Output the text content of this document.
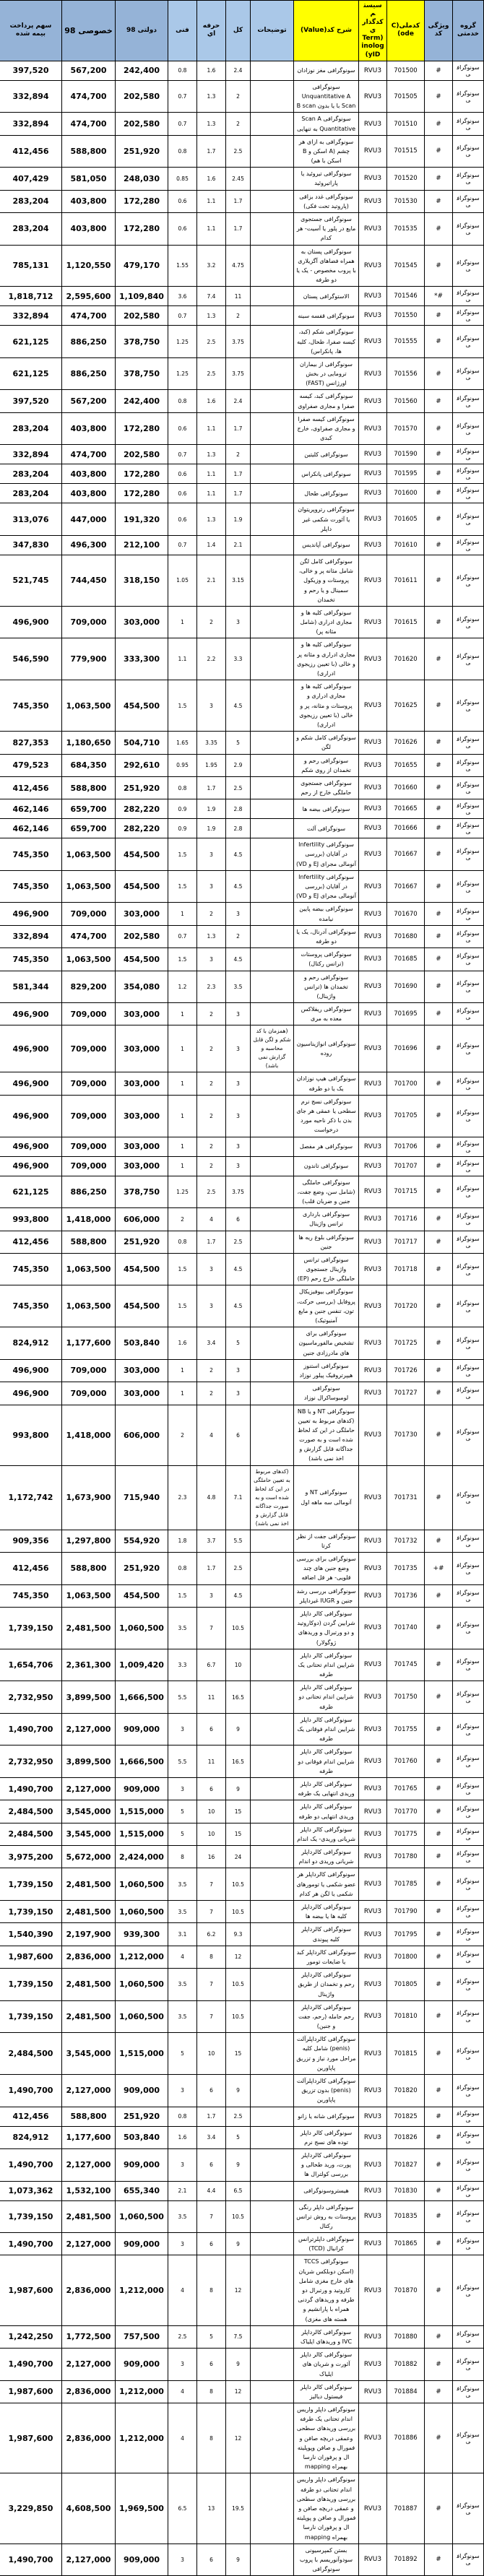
گروه خدمتی	ویژگی کد	کدملی(Code)	سیستم کدگذاري (TerminologyID)	شرح کد(Value)	توضیحات	کل	حرفه اي	فنی	دولتی 98	خصوصی 98	سهم پرداخت بیمه شده
سونوگرافی	#	701500	RVU3	سونوگرافی مغز نوزادان		2.4	1.6	0.8	242,400	567,200	397,520
سونوگرافی	#	701505	RVU3	سونوگرافی Unquantitative A Scan با یا بدون B scan		2	1.3	0.7	202,580	474,700	332,894
سونوگرافی	#	701510	RVU3	سونوگرافی Scan A Quantitative به تنهایی		2	1.3	0.7	202,580	474,700	332,894
سونوگرافی	#	701515	RVU3	سونوگرافی به ازای هر چشم (A اسکن و B اسکن با هم)		2.5	1.7	0.8	251,920	588,800	412,456
سونوگرافی	#	701520	RVU3	سونوگرافی تیروئید یا پاراتیروئید		2.45	1.6	0.85	248,030	581,050	407,429
سونوگرافی	#	701530	RVU3	سونوگرافی غدد بزاقی (پاروتید تحت فکی)		1.7	1.1	0.6	172,280	403,800	283,204
سونوگرافی	#	701535	RVU3	سونوگرافی جستجوی مایع در پلور یا آسیت- هر کدام		1.7	1.1	0.6	172,280	403,800	283,204
سونوگرافی	#	701545	RVU3	سونوگرافی پستان به همراه فضاهای آگزیلاری با پروب مخصوص - یک یا دو طرفه		4.75	3.2	1.55	479,170	1,120,550	785,131
سونوگرافی	*#	701546	RVU3	الاستوگرافی پستان		11	7.4	3.6	1,109,840	2,595,600	1,818,712
سونوگرافی	#	701550	RVU3	سونوگرافی قفسه سینه		2	1.3	0.7	202,580	474,700	332,894
سونوگرافی	#	701555	RVU3	سونوگرافی شکم (کبد، کیسه صفرا، طحال، کلیه ها، پانکراس)		3.75	2.5	1.25	378,750	886,250	621,125
سونوگرافی	#	701556	RVU3	سونوگرافی از بیماران ترومایی در بخش اورژانس (FAST)		3.75	2.5	1.25	378,750	886,250	621,125
سونوگرافی	#	701560	RVU3	سونوگرافی کبد، کیسه صفرا و مجاری صفراوی		2.4	1.6	0.8	242,400	567,200	397,520
سونوگرافی	#	701570	RVU3	سونوگرافی کیسه صفرا و مجاری صفراوی، خارج کبدی		1.7	1.1	0.6	172,280	403,800	283,204
سونوگرافی	#	701590	RVU3	سونوگرافی کلیتین		2	1.3	0.7	202,580	474,700	332,894
سونوگرافی	#	701595	RVU3	سونوگرافی پانکراس		1.7	1.1	0.6	172,280	403,800	283,204
سونوگرافی	#	701600	RVU3	سونوگرافی طحال		1.7	1.1	0.6	172,280	403,800	283,204
سونوگرافی	#	701605	RVU3	سونوگرافی رتروپریتوان یا آئورت شکمی غیر داپلر		1.9	1.3	0.6	191,320	447,000	313,076
سونوگرافی	#	701610	RVU3	سونوگرافی آپاندیس		2.1	1.4	0.7	212,100	496,300	347,830
سونوگرافی	#	701611	RVU3	سونوگرافی کامل لگن شامل مثانه پر و خالی، پروستات و وزیکول سمینال و یا رحم و تخمدان		3.15	2.1	1.05	318,150	744,450	521,745
سونوگرافی	#	701615	RVU3	سونوگرافی کلیه ها و مجاری ادراری (شامل مثانه پر)		3	2	1	303,000	709,000	496,900
سونوگرافی	#	701620	RVU3	سونوگرافی کلیه ها و مجاری ادراری و مثانه پر و خالی (با تعیین رزیجوی ادراری)		3.3	2.2	1.1	333,300	779,900	546,590
سونوگرافی	#	701625	RVU3	سونوگرافی کلیه ها و مجاری ادراری و پروستات و مثانه، پر و خالی (با تعیین رزیجوی ادراری)		4.5	3	1.5	454,500	1,063,500	745,350
سونوگرافی	#	701626	RVU3	سونوگرافی کامل شکم و لگن		5	3.35	1.65	504,710	1,180,650	827,353
سونوگرافی	#	701655	RVU3	سونوگرافی رحم و تخمدان از روی شکم		2.9	1.95	0.95	292,610	684,350	479,523
سونوگرافی	#	701660	RVU3	سونوگرافی جستجوی حاملگی خارج از رحم		2.5	1.7	0.8	251,920	588,800	412,456
سونوگرافی	#	701665	RVU3	سونوگرافی بیضه ها		2.8	1.9	0.9	282,220	659,700	462,146
سونوگرافی	#	701666	RVU3	سونوگرافی آلت		2.8	1.9	0.9	282,220	659,700	462,146
سونوگرافی	#	701667	RVU3	سونوگرافی Infertility در آقایان (بررسی آنومالی مجرای EJ و VD)		4.5	3	1.5	454,500	1,063,500	745,350
سونوگرافی	#	701667	RVU3	سونوگرافی Infertility در آقایان (بررسی آنومالی مجرای EJ و VD)		4.5	3	1.5	454,500	1,063,500	745,350
سونوگرافی	#	701670	RVU3	سونوگرافی بیضه پایین نیامده		3	2	1	303,000	709,000	496,900
سونوگرافی	#	701680	RVU3	سونوگرافی آدرنال، یک یا دو طرفه		2	1.3	0.7	202,580	474,700	332,894
سونوگرافی	#	701685	RVU3	سونوگرافی پروستات (ترانس رکتال)		4.5	3	1.5	454,500	1,063,500	745,350
سونوگرافی	#	701690	RVU3	سونوگرافی رحم و تخمدان ها (ترانس واژینال)		3.5	2.3	1.2	354,080	829,200	581,344
سونوگرافی	#	701695	RVU3	سونوگرافی ریفلاکس معده به مری		3	2	1	303,000	709,000	496,900
سونوگرافی	#	701696	RVU3	سونوگرافی انواژیناسیون روده	(همزمان با کد شکم و لگن قابل محاسبه و گزارش نمی باشد)	3	2	1	303,000	709,000	496,900
سونوگرافی	#	701700	RVU3	سونوگرافی هیپ نوزادان یک یا دو طرفه		3	2	1	303,000	709,000	496,900
سونوگرافی	#	701705	RVU3	سونوگرافی نسج نرم سطحی یا عمقی هر جای بدن با ذکر ناحیه مورد درخواست		3	2	1	303,000	709,000	496,900
سونوگرافی	#	701706	RVU3	سونوگرافی هر مفصل		3	2	1	303,000	709,000	496,900
سونوگرافی	#	701707	RVU3	سونوگرافی تاندون		3	2	1	303,000	709,000	496,900
سونوگرافی	#	701715	RVU3	سونوگرافی حاملگی (شامل سن، وضع جفت، جنین و ضربان قلب)		3.75	2.5	1.25	378,750	886,250	621,125
سونوگرافی	#	701716	RVU3	سونوگرافی بارداری ترانس واژینال		6	4	2	606,000	1,418,000	993,800
سونوگرافی	#	701717	RVU3	سونوگرافی بلوغ ریه ها جنین		2.5	1.7	0.8	251,920	588,800	412,456
سونوگرافی	#	701718	RVU3	سونوگرافی ترانس واژینال جستجوی حاملگی خارج رحم (EP)		4.5	3	1.5	454,500	1,063,500	745,350
سونوگرافی	#	701720	RVU3	سونوگرافی بیوفیزیکال پروفایل (بررسی حرکت، تون، تنفس جنین و مایع آمنیوتیک)		4.5	3	1.5	454,500	1,063,500	745,350
سونوگرافی	#	701725	RVU3	سونوگرافی برای تشخیص مالفورماسیون های مادرزادی جنین		5	3.4	1.6	503,840	1,177,600	824,912
سونوگرافی	#	701726	RVU3	سونوگرافی استنوز هیپرتروفیک پیلور نوزاد		3	2	1	303,000	709,000	496,900
سونوگرافی	#	701727	RVU3	سونوگرافی لومبوساکرال نوزاد		3	2	1	303,000	709,000	496,900
سونوگرافی	#	701730	RVU3	سونوگرافی NT و یا NB (کدهای مربوط به تعیین حاملگی در این کد لحاظ شده است و به صورت جداگانه قابل گزارش و اخذ نمی باشد)		6	4	2	606,000	1,418,000	993,800
سونوگرافی	#	701731	RVU3	سونوگرافی NT و آنومالی سه ماهه اول	(کدهای مربوط به تعیین حاملگی در این کد لحاظ شده است و به صورت جداگانه قابل گزارش و اخذ نمی باشد)	7.1	4.8	2.3	715,940	1,673,900	1,172,742
سونوگرافی	#	701732	RVU3	سونوگرافی جفت از نظر کرتا		5.5	3.7	1.8	554,920	1,297,800	909,356
سونوگرافی	+#	701735	RVU3	سونوگرافی برای بررسی وضع جنین های چند قلویی- هر قل اضافه		2.5	1.7	0.8	251,920	588,800	412,456
سونوگرافی	#	701736	RVU3	سونوگرافی بررسی رشد جنین و IUGR غیرداپلر		4.5	3	1.5	454,500	1,063,500	745,350
سونوگرافی	#	701740	RVU3	سونوگرافی کالر داپلر شرایین گردن (دوکاروتید و دو ورتبرال و وریدهای ژوگولار)		10.5	7	3.5	1,060,500	2,481,500	1,739,150
سونوگرافی	#	701745	RVU3	سونوگرافی کالر داپلر شرایین اندام تحتانی یک طرفه		10	6.7	3.3	1,009,420	2,361,300	1,654,706
سونوگرافی	#	701750	RVU3	سونوگرافی کالر داپلر شرایین اندام تحتانی دو طرفه		16.5	11	5.5	1,666,500	3,899,500	2,732,950
سونوگرافی	#	701755	RVU3	سونوگرافی کالر داپلر شرایین اندام فوقانی یک طرفه		9	6	3	909,000	2,127,000	1,490,700
سونوگرافی	#	701760	RVU3	سونوگرافی کالر داپلر شرایین اندام فوقانی دو طرفه		16.5	11	5.5	1,666,500	3,899,500	2,732,950
سونوگرافی	#	701765	RVU3	سونوگرافی کالر داپلر وریدی انتهایی یک طرفه		9	6	3	909,000	2,127,000	1,490,700
سونوگرافی	#	701770	RVU3	سونوگرافی کالر داپلر وریدی انتهایی دو طرفه		15	10	5	1,515,000	3,545,000	2,484,500
سونوگرافی	#	701775	RVU3	سونوگرافی کالر داپلر شریانی وریدی- یک اندام		15	10	5	1,515,000	3,545,000	2,484,500
سونوگرافی	#	701780	RVU3	سونوگرافی کالرداپلر شریانی وریدی دو اندام		24	16	8	2,424,000	5,672,000	3,975,200
سونوگرافی	#	701785	RVU3	سونوگرافی کالرداپلر هر عضو شکمی یا تومورهای شکمی یا لگن هر کدام		10.5	7	3.5	1,060,500	2,481,500	1,739,150
سونوگرافی	#	701790	RVU3	سونوگرافی کالرداپلر کلیه ها یا بیضه ها		10.5	7	3.5	1,060,500	2,481,500	1,739,150
سونوگرافی	#	701795	RVU3	سونوگرافی کالرداپلر کلیه پیوندی		9.3	6.2	3.1	939,300	2,197,900	1,540,390
سونوگرافی	#	701800	RVU3	سونوگرافی کالرداپلر کبد یا ضایعات تومور		12	8	4	1,212,000	2,836,000	1,987,600
سونوگرافی	#	701805	RVU3	سونوگرافی کالرداپلر رحم و تخمدان از طریق واژینال		10.5	7	3.5	1,060,500	2,481,500	1,739,150
سونوگرافی	#	701810	RVU3	سونوگرافی کالرداپلر رحم حامله (رحم، جفت و جنین)		10.5	7	3.5	1,060,500	2,481,500	1,739,150
سونوگرافی	#	701815	RVU3	سونوگرافی کالرداپلرآلت (penis) شامل کلیه مراحل مورد نیاز و تزریق پاپاورین		15	10	5	1,515,000	3,545,000	2,484,500
سونوگرافی	#	701820	RVU3	سونوگرافی کالرداپلرآلت (penis) بدون تزریق پاپاورین		9	6	3	909,000	2,127,000	1,490,700
سونوگرافی	#	701825	RVU3	سونوگرافی شانه یا زانو		2.5	1.7	0.8	251,920	588,800	412,456
سونوگرافی	#	701826	RVU3	سونوگرافی کالر داپلر توده های نسج نرم		5	3.4	1.6	503,840	1,177,600	824,912
سونوگرافی	#	701827	RVU3	سونوگرافی کالرداپلر پورت، ورید طحالی و بررسی کولترال ها		9	6	3	909,000	2,127,000	1,490,700
سونوگرافی	#	701830	RVU3	هیستروسونوگرافی		6.5	4.4	2.1	655,340	1,532,100	1,073,362
سونوگرافی	#	701835	RVU3	سونوگرافی داپلر رنگی پروستات به روش ترانس رکتال		10.5	7	3.5	1,060,500	2,481,500	1,739,150
سونوگرافی	#	701865	RVU3	سونوگرافی داپلرترانس کرانیال (TCD)		9	6	3	909,000	2,127,000	1,490,700
سونوگرافی	#	701870	RVU3	سونوگرافی TCCS (اسکن دوبلکس شریان های خارج مغزی شامل کاروتید و ورتبرال دو طرفه و وریدهای گردنی همراه با پارانشیم و هسته های مغزی)		12	8	4	1,212,000	2,836,000	1,987,600
سونوگرافی	#	701880	RVU3	سونوگرافی کالرداپلر IVC و وریدهای ایلیاک		7.5	5	2.5	757,500	1,772,500	1,242,250
سونوگرافی	#	701882	RVU3	سونوگرافی کالر داپلر آئورت و شریان های ایلیاک		9	6	3	909,000	2,127,000	1,490,700
سونوگرافی	#	701884	RVU3	سونوگرافی کالر داپلر فیستول دیالیز		12	8	4	1,212,000	2,836,000	1,987,600
سونوگرافی	#	701886	RVU3	سونوگرافی داپلر واریس اندام تحتانی یک طرفه بررسی وریدهای سطحی وعمقی دریچه صافن و فمورال و صافن وپوپلیته ال و پرفوران نارسا بهمراه mapping		12	8	4	1,212,000	2,836,000	1,987,600
سونوگرافی	#	701887	RVU3	سونوگرافی داپلر واریس اندام تحتانی دو طرفه بررسی وریدهای سطحی و عمقی دریچه صافن و فمورال و صافن و پوپلیته ال و پرفوران نارسا بهمراه mapping		19.5	13	6.5	1,969,500	4,608,500	3,229,850
سونوگرافی	#	701892	RVU3	بستن کمپرسیونی سودوآنوریسم با پروب سونوگرافی		9	6	3	909,000	2,127,000	1,490,700
